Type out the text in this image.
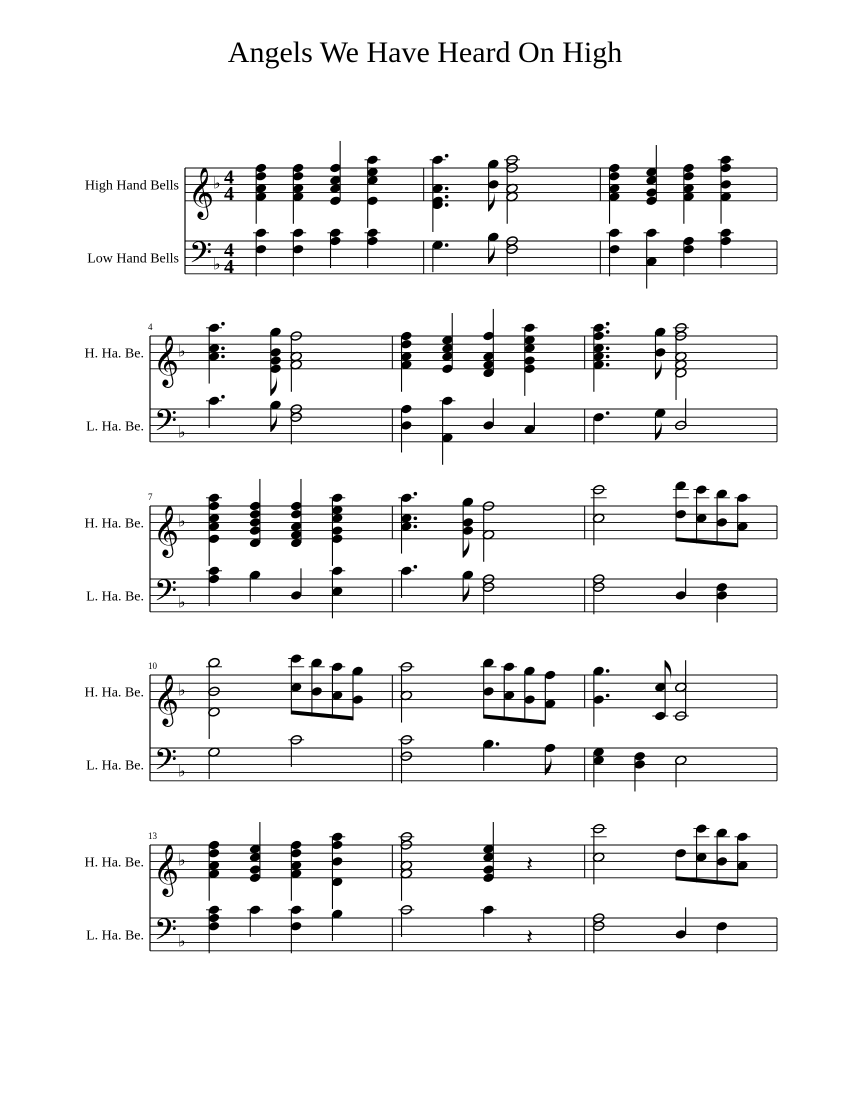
Angels We Have Heard On High
High Hand Bells
Low Hand Bells
𝄞
𝄢
♭
♭
4
4
4
4
H. Ha. Be.
L. Ha. Be.
4
𝄞
𝄢
♭
♭
H. Ha. Be.
L. Ha. Be.
7
𝄞
𝄢
♭
♭
H. Ha. Be.
L. Ha. Be.
10
𝄞
𝄢
♭
♭
H. Ha. Be.
L. Ha. Be.
13
𝄞
𝄢
♭
♭
𝄽
𝄽
